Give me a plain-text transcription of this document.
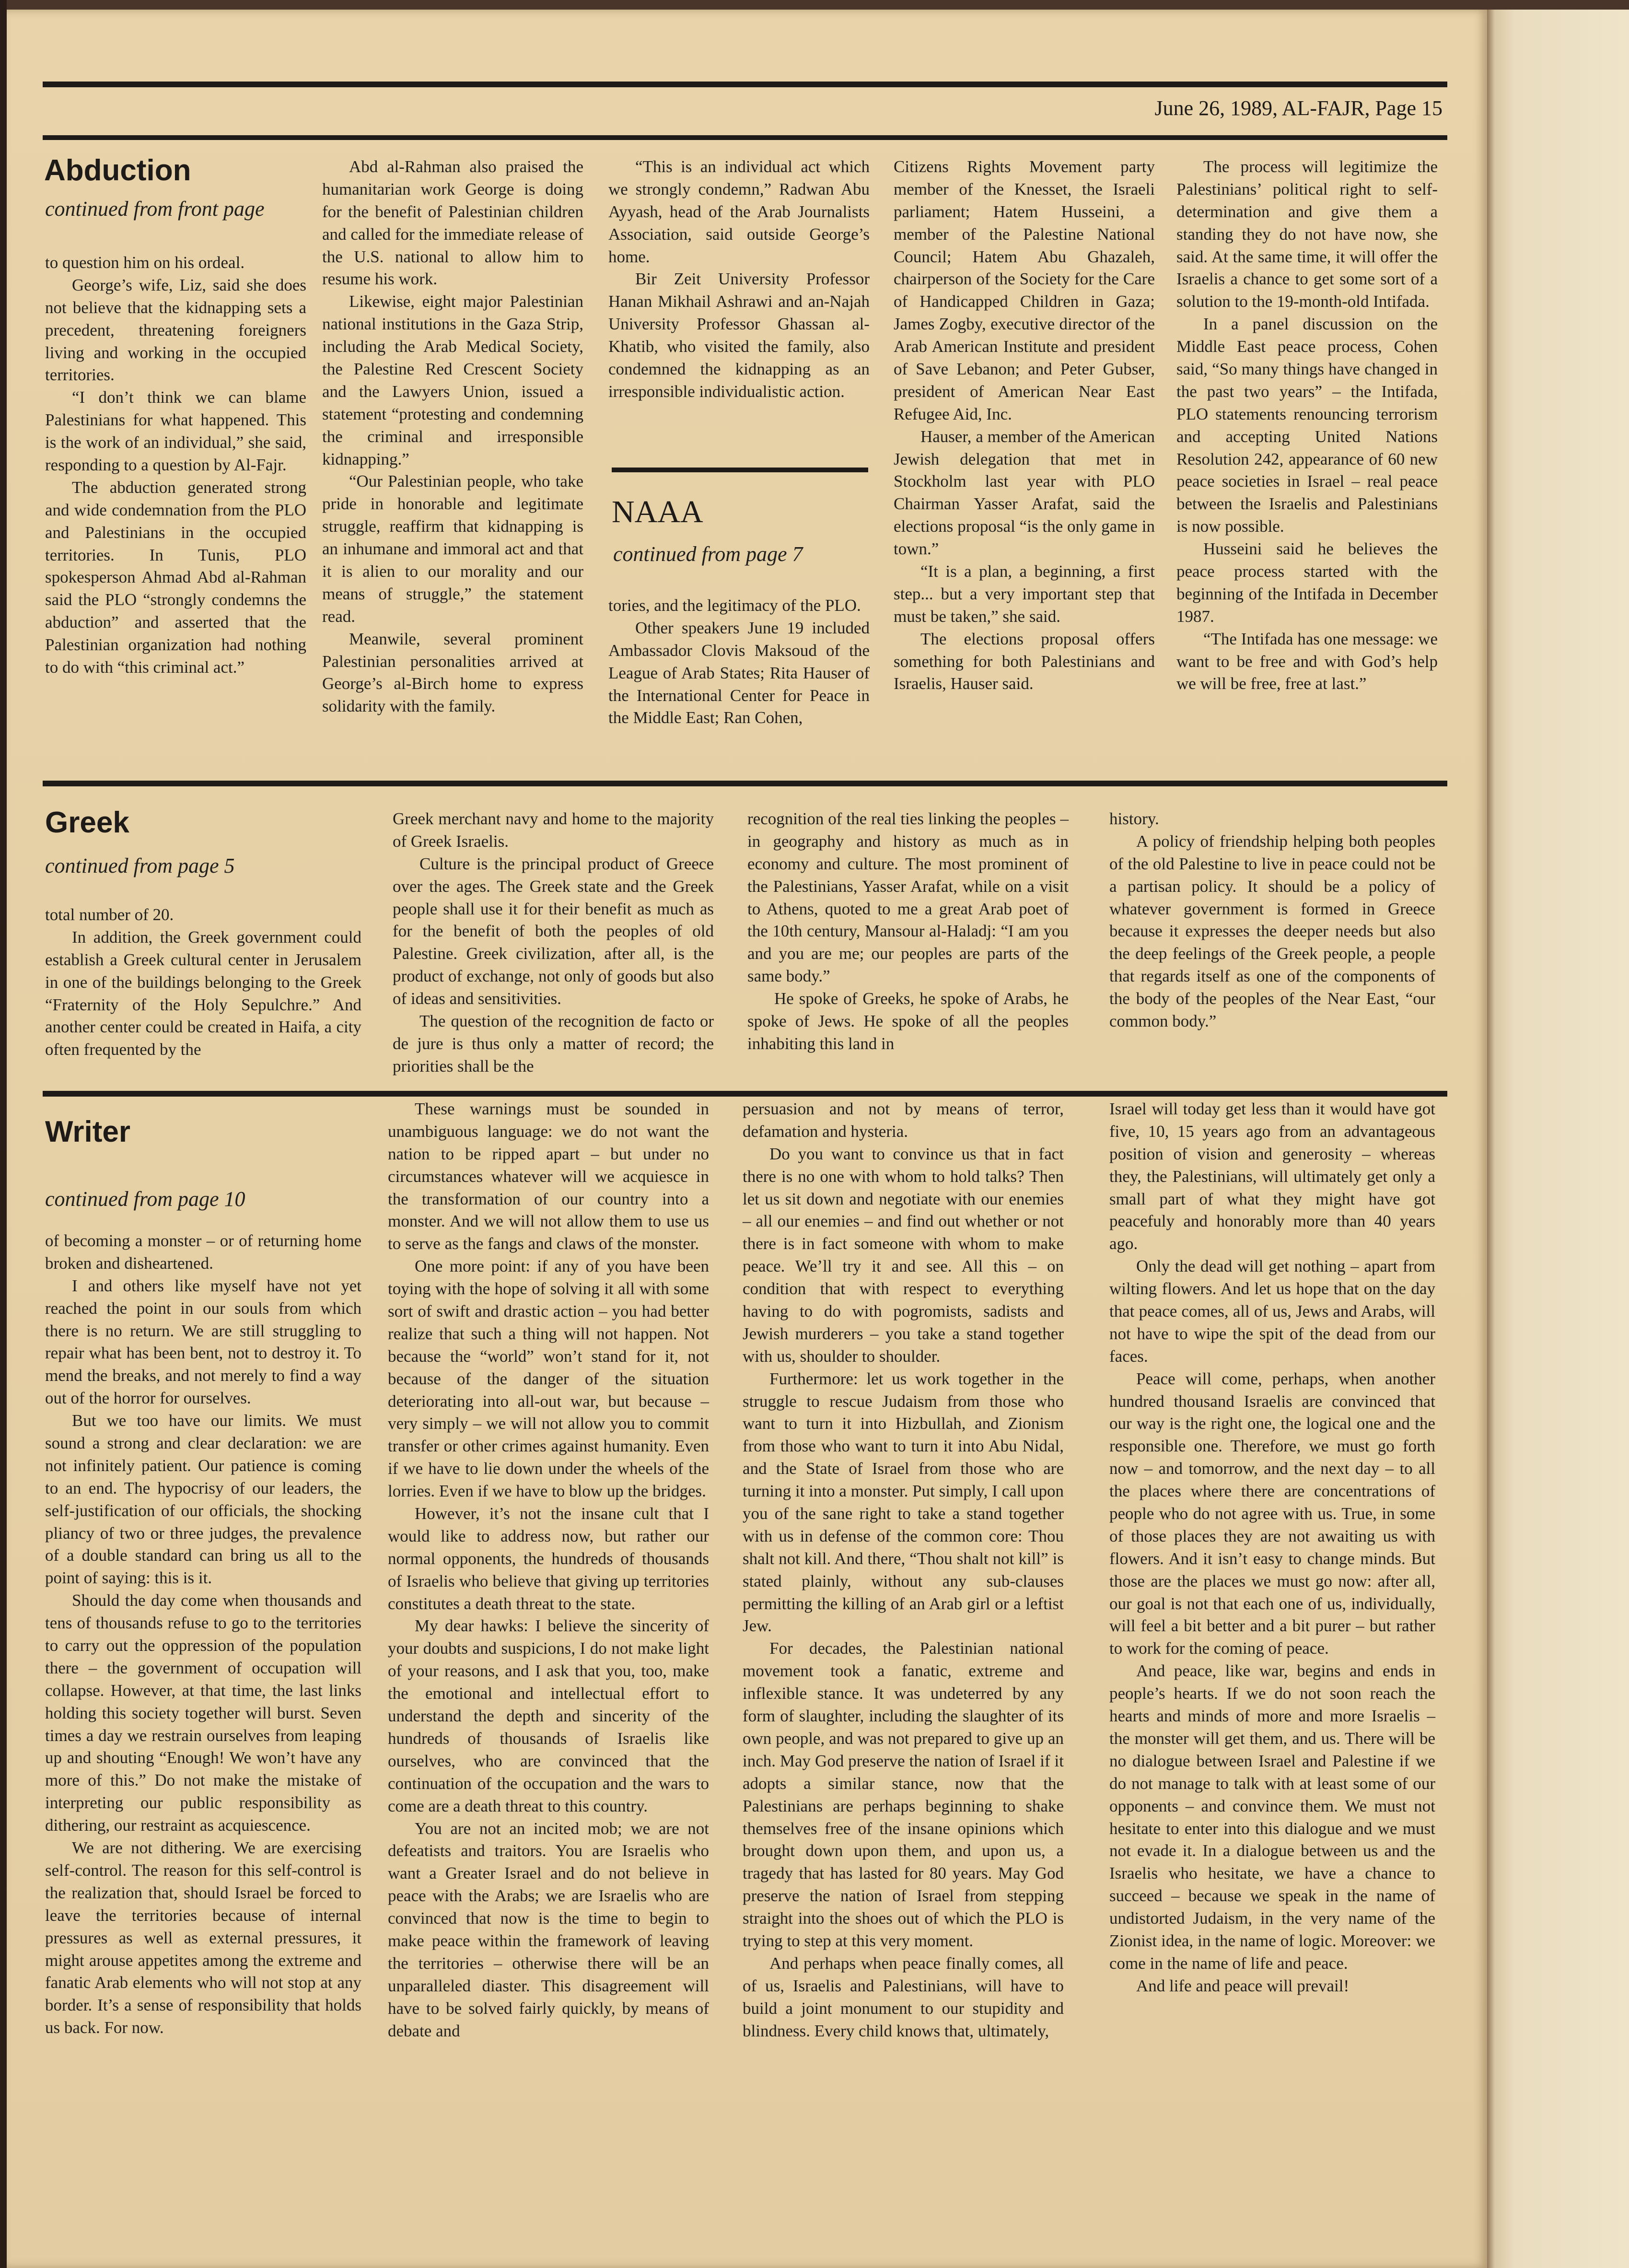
June 26, 1989, AL-FAJR, Page 15
Abduction
continued from front page

to question him on his ordeal.

George’s wife, Liz, said she does not believe that the kidnapping sets a precedent, threatening foreigners living and working in the occupied territories.

“I don’t think we can blame Palestinians for what happened. This is the work of an individual,” she said, responding to a question by Al-Fajr.

The abduction generated strong and wide condemnation from the PLO and Palestinians in the occupied territories. In Tunis, PLO spokesperson Ahmad Abd al-Rahman said the PLO “strongly condemns the abduction” and asserted that the Palestinian organization had nothing to do with “this criminal act.”

Abd al-Rahman also praised the humanitarian work George is doing for the benefit of Palestinian children and called for the immediate release of the U.S. national to allow him to resume his work.

Likewise, eight major Palestinian national institutions in the Gaza Strip, including the Arab Medical Society, the Palestine Red Crescent Society and the Lawyers Union, issued a statement “protesting and condemning the criminal and irresponsible kidnapping.”

“Our Palestinian people, who take pride in honorable and legitimate struggle, reaffirm that kidnapping is an inhumane and immoral act and that it is alien to our morality and our means of struggle,” the statement read.

Meanwile, several prominent Palestinian personalities arrived at George’s al-Birch home to express solidarity with the family.

“This is an individual act which we strongly condemn,” Radwan Abu Ayyash, head of the Arab Journalists Association, said outside George’s home.

Bir Zeit University Professor Hanan Mikhail Ashrawi and an-Najah University Professor Ghassan al-Khatib, who visited the family, also condemned the kidnapping as an irresponsible individualistic action.

NAAA
continued from page 7

tories, and the legitimacy of the PLO.

Other speakers June 19 included Ambassador Clovis Maksoud of the League of Arab States; Rita Hauser of the International Center for Peace in the Middle East; Ran Cohen,

Citizens Rights Movement party member of the Knesset, the Israeli parliament; Hatem Husseini, a member of the Palestine National Council; Hatem Abu Ghazaleh, chairperson of the Society for the Care of Handicapped Children in Gaza; James Zogby, executive director of the Arab American Institute and president of Save Lebanon; and Peter Gubser, president of American Near East Refugee Aid, Inc.

Hauser, a member of the American Jewish delegation that met in Stockholm last year with PLO Chairman Yasser Arafat, said the elections proposal “is the only game in town.”

“It is a plan, a beginning, a first step... but a very important step that must be taken,” she said.

The elections proposal offers something for both Palestinians and Israelis, Hauser said.

The process will legitimize the Palestinians’ political right to self-determination and give them a standing they do not have now, she said. At the same time, it will offer the Israelis a chance to get some sort of a solution to the 19-month-old Intifada.

In a panel discussion on the Middle East peace process, Cohen said, “So many things have changed in the past two years” – the Intifada, PLO statements renouncing terrorism and accepting United Nations Resolution 242, appearance of 60 new peace societies in Israel – real peace between the Israelis and Palestinians is now possible.

Husseini said he believes the peace process started with the beginning of the Intifada in December 1987.

“The Intifada has one message: we want to be free and with God’s help we will be free, free at last.”

Greek
continued from page 5

total number of 20.

In addition, the Greek government could establish a Greek cultural center in Jerusalem in one of the buildings belonging to the Greek “Fraternity of the Holy Sepulchre.” And another center could be created in Haifa, a city often frequented by the

Greek merchant navy and home to the majority of Greek Israelis.

Culture is the principal product of Greece over the ages. The Greek state and the Greek people shall use it for their benefit as much as for the benefit of both the peoples of old Palestine. Greek civilization, after all, is the product of exchange, not only of goods but also of ideas and sensitivities.

The question of the recognition de facto or de jure is thus only a matter of record; the priorities shall be the

recognition of the real ties linking the peoples – in geography and history as much as in economy and culture. The most prominent of the Palestinians, Yasser Arafat, while on a visit to Athens, quoted to me a great Arab poet of the 10th century, Mansour al-Haladj: “I am you and you are me; our peoples are parts of the same body.”

He spoke of Greeks, he spoke of Arabs, he spoke of Jews. He spoke of all the peoples inhabiting this land in

history.

A policy of friendship helping both peoples of the old Palestine to live in peace could not be a partisan policy. It should be a policy of whatever government is formed in Greece because it expresses the deeper needs but also the deep feelings of the Greek people, a people that regards itself as one of the components of the body of the peoples of the Near East, “our common body.”

Writer
continued from page 10

of becoming a monster – or of returning home broken and disheartened.

I and others like myself have not yet reached the point in our souls from which there is no return. We are still struggling to repair what has been bent, not to destroy it. To mend the breaks, and not merely to find a way out of the horror for ourselves.

But we too have our limits. We must sound a strong and clear declaration: we are not infinitely patient. Our patience is coming to an end. The hypocrisy of our leaders, the self-justification of our officials, the shocking pliancy of two or three judges, the prevalence of a double standard can bring us all to the point of saying: this is it.

Should the day come when thousands and tens of thousands refuse to go to the territories to carry out the oppression of the population there – the government of occupation will collapse. However, at that time, the last links holding this society together will burst. Seven times a day we restrain ourselves from leaping up and shouting “Enough! We won’t have any more of this.” Do not make the mistake of interpreting our public responsibility as dithering, our restraint as acquiescence.

We are not dithering. We are exercising self-control. The reason for this self-control is the realization that, should Israel be forced to leave the territories because of internal pressures as well as external pressures, it might arouse appetites among the extreme and fanatic Arab elements who will not stop at any border. It’s a sense of responsibility that holds us back. For now.

These warnings must be sounded in unambiguous language: we do not want the nation to be ripped apart – but under no circumstances whatever will we acquiesce in the transformation of our country into a monster. And we will not allow them to use us to serve as the fangs and claws of the monster.

One more point: if any of you have been toying with the hope of solving it all with some sort of swift and drastic action – you had better realize that such a thing will not happen. Not because the “world” won’t stand for it, not because of the danger of the situation deteriorating into all-out war, but because – very simply – we will not allow you to commit transfer or other crimes against humanity. Even if we have to lie down under the wheels of the lorries. Even if we have to blow up the bridges.

However, it’s not the insane cult that I would like to address now, but rather our normal opponents, the hundreds of thousands of Israelis who believe that giving up territories constitutes a death threat to the state.

My dear hawks: I believe the sincerity of your doubts and suspicions, I do not make light of your reasons, and I ask that you, too, make the emotional and intellectual effort to understand the depth and sincerity of the hundreds of thousands of Israelis like ourselves, who are convinced that the continuation of the occupation and the wars to come are a death threat to this country.

You are not an incited mob; we are not defeatists and traitors. You are Israelis who want a Greater Israel and do not believe in peace with the Arabs; we are Israelis who are convinced that now is the time to begin to make peace within the framework of leaving the territories – otherwise there will be an unparalleled diaster. This disagreement will have to be solved fairly quickly, by means of debate and

persuasion and not by means of terror, defamation and hysteria.

Do you want to convince us that in fact there is no one with whom to hold talks? Then let us sit down and negotiate with our enemies – all our enemies – and find out whether or not there is in fact someone with whom to make peace. We’ll try it and see. All this – on condition that with respect to everything having to do with pogromists, sadists and Jewish murderers – you take a stand together with us, shoulder to shoulder.

Furthermore: let us work together in the struggle to rescue Judaism from those who want to turn it into Hizbullah, and Zionism from those who want to turn it into Abu Nidal, and the State of Israel from those who are turning it into a monster. Put simply, I call upon you of the sane right to take a stand together with us in defense of the common core: Thou shalt not kill. And there, “Thou shalt not kill” is stated plainly, without any sub-clauses permitting the killing of an Arab girl or a leftist Jew.

For decades, the Palestinian national movement took a fanatic, extreme and inflexible stance. It was undeterred by any form of slaughter, including the slaughter of its own people, and was not prepared to give up an inch. May God preserve the nation of Israel if it adopts a similar stance, now that the Palestinians are perhaps beginning to shake themselves free of the insane opinions which brought down upon them, and upon us, a tragedy that has lasted for 80 years. May God preserve the nation of Israel from stepping straight into the shoes out of which the PLO is trying to step at this very moment.

And perhaps when peace finally comes, all of us, Israelis and Palestinians, will have to build a joint monument to our stupidity and blindness. Every child knows that, ultimately,

Israel will today get less than it would have got five, 10, 15 years ago from an advantageous position of vision and generosity – whereas they, the Palestinians, will ultimately get only a small part of what they might have got peacefuly and honorably more than 40 years ago.

Only the dead will get nothing – apart from wilting flowers. And let us hope that on the day that peace comes, all of us, Jews and Arabs, will not have to wipe the spit of the dead from our faces.

Peace will come, perhaps, when another hundred thousand Israelis are convinced that our way is the right one, the logical one and the responsible one. Therefore, we must go forth now – and tomorrow, and the next day – to all the places where there are concentrations of people who do not agree with us. True, in some of those places they are not awaiting us with flowers. And it isn’t easy to change minds. But those are the places we must go now: after all, our goal is not that each one of us, individually, will feel a bit better and a bit purer – but rather to work for the coming of peace.

And peace, like war, begins and ends in people’s hearts. If we do not soon reach the hearts and minds of more and more Israelis – the monster will get them, and us. There will be no dialogue between Israel and Palestine if we do not manage to talk with at least some of our opponents – and convince them. We must not hesitate to enter into this dialogue and we must not evade it. In a dialogue between us and the Israelis who hesitate, we have a chance to succeed – because we speak in the name of undistorted Judaism, in the very name of the Zionist idea, in the name of logic. Moreover: we come in the name of life and peace.

And life and peace will prevail!
